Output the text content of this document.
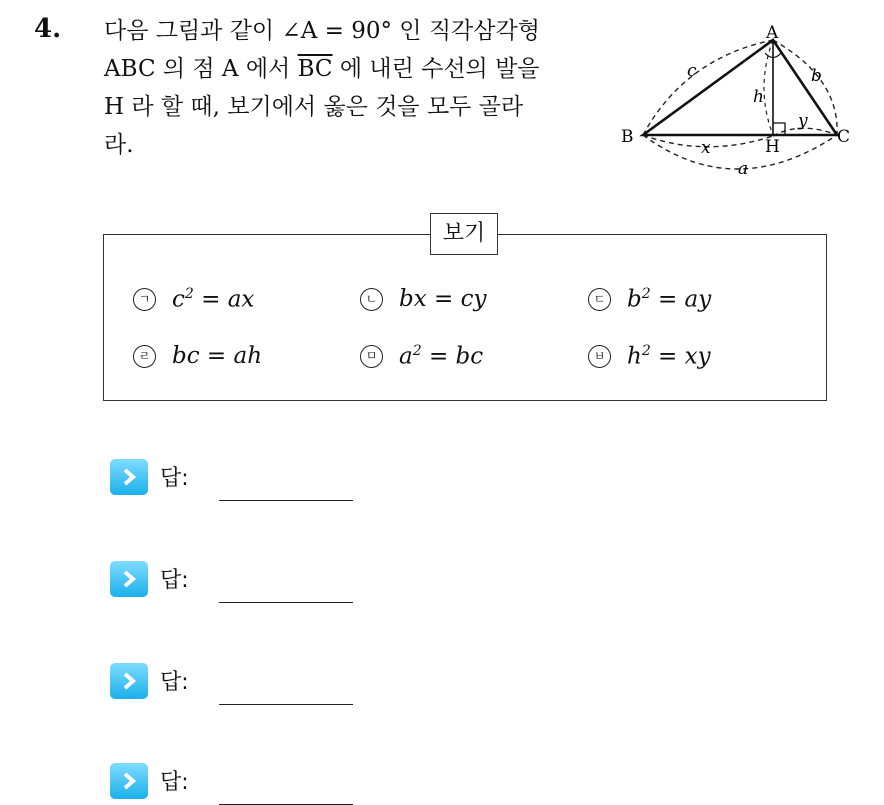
4. 다음 그림과 같이 ∠A = 90° 인 직각삼각형
ABC 의 점 A 에서 $\overline{BC}$ 에 내린 수선의 발을
H 라 할 때, 보기에서 옳은 것을 모두 골라
라.
A
B	C
H
c	b
h
x
y
a
보기
ㄱ $c^2$ = ax	ㄴ bx = cy	ㄷ $b^2$ = ay
ㄹ bc = ah	ㅁ $a^2$ = bc	ㅂ $h^2$ = xy
답:
답:
답:
답:
